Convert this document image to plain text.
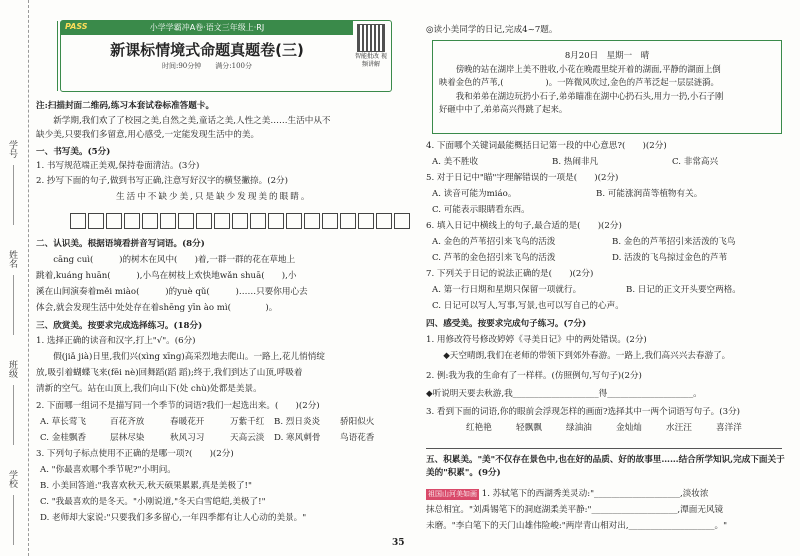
学号
姓名
班级
学校
小学学霸冲A卷·语文三年级上·RJ
PASS
新课标情境式命题真题卷(三)
时间:90分钟　　满分:100分
智能批改 视频讲解
注:扫描封面二维码,练习本套试卷标准答题卡。
　　新学期,我们欢了了校园之美,自然之美,童话之美,人性之美……生活中从不
缺少美,只要我们多留意,用心感受,一定能发现生活中的美。
一、书写美。(5分)
1. 书写规范端正美观,保持卷面清洁。(3分)
2. 抄写下面的句子,做到书写正确,注意写好汉字的横竖撇捺。(2分)
生活中不缺少美,只是缺少发现美的眼睛。
二、认识美。根据语境看拼音写词语。(8分)
　　cāng cuì(　　　)的树木在风中(　　)着,一群一群的花在草地上
跳着,kuáng huān(　　　),小鸟在树枝上欢快地wǎn shuā(　　),小
溪在山间演奏着měi miào(　　　)的yuè qǔ(　　　)……只要你用心去
体会,就会发现生活中处处存在着shēng yīn ào mì(　　　　)。
三、欣赏美。按要求完成选择练习。(18分)
1. 选择正确的读音和汉字,打上"√"。(6分)
　　假(jiǎ jià)日里,我们兴(xìng xīng)高采烈地去爬山。一路上,花儿悄悄绽
放,吸引着蝴蝶飞来(fēi nè)回舞蹈(蹈 蹈);终于,我们到达了山顶,呼吸着
清新的空气。站在山顶上,我们向山下(处 chù)处都是美景。
2. 下面哪一组词不是描写同一个季节的词语?我们一起选出来。(　　)(2分)
A. 草长莺飞	百花齐放	春暖花开	万紫千红 B. 烈日炎炎 骄阳似火
C. 金桂飘香	层林尽染	秋风习习	天高云淡 D. 寒风刺骨 鸟语花香
3. 下列句子标点使用不正确的是哪一项?(　　)(2分)
A. "你最喜欢哪个季节呢?"小明问。
B. 小美回答道:"我喜欢秋天,秋天硕果累累,真是美极了!"
C. "我最喜欢的是冬天。"小刚说道,"冬天白雪皑皑,美极了!"
D. 老师却大家说:"只要我们多多留心,一年四季都有让人心动的美景。"
35
◎读小美同学的日记,完成4~7题。
8月20日　星期一　晴

　　傍晚的站在湖岸上美不胜收,小花在晚霞里绽开着的湖面,平静的湖面上倒

映着金色的芦苇,(　　　　　)。一阵微风吹过,金色的芦苇泛起一层层涟漪。

　　我和弟弟在湖边玩扔小石子,弟弟瞄准在湖中心扔石头,用力一扔,小石子刚

好砸中中了,弟弟高兴得跳了起来。

4. 下面哪个关键词最能概括日记第一段的中心意思?(　　)(2分)
A. 美不胜收	B. 热闹非凡	C. 非常高兴
5. 对于日记中"瞄"字理解错误的一项是(　　)(2分)
A. 读音可能为miáo。	B. 可能涨润苗等植物有关。
C. 可能表示眼睛看东西。
6. 填入日记中横线上的句子,最合适的是(　　)(2分)
A. 金色的芦苇招引来飞鸟的活泼	B. 金色的芦苇招引来活泼的飞鸟
C. 芦苇的金色招引来飞鸟的活泼	D. 活泼的飞鸟掠过金色的芦苇
7. 下列关于日记的说法正确的是(　　)(2分)
A. 第一行日期和星期只保留一项就行。	B. 日记的正文开头要空两格。
C. 日记可以写人,写事,写景,也可以写自己的心声。
四、感受美。按要求完成句子练习。(7分)
1. 用修改符号修改婷婷《寻美日记》中的两处错误。(2分)
　　◆天空晴朗,我们在老师的带领下到郊外春游。一路上,我们高兴兴去春游了。
2. 例:我为我的生命有了一样样。(仿照例句,写句子)(2分)
◆听说明天要去秋游,我____________________得____________________。
3. 看到下面的词语,你的眼前会浮现怎样的画面?选择其中一两个词语写句子。(3分)
红艳艳	轻飘飘	绿油油	金灿灿	水汪汪	喜洋洋
五、积累美。"美"不仅存在景色中,也在好的品质、好的故事里……结合所学知识,完成下面关于美的"积累"。(9分)
祖国山河美如画 1. 苏轼笔下的西湖秀美灵动:"____________________,淡妆浓
抹总相宜。"刘禹锡笔下的洞庭湖柔美平静:"____________________,潭面无风镜
未磨。"李白笔下的天门山雄伟险峻:"两岸青山相对出,____________________。"
